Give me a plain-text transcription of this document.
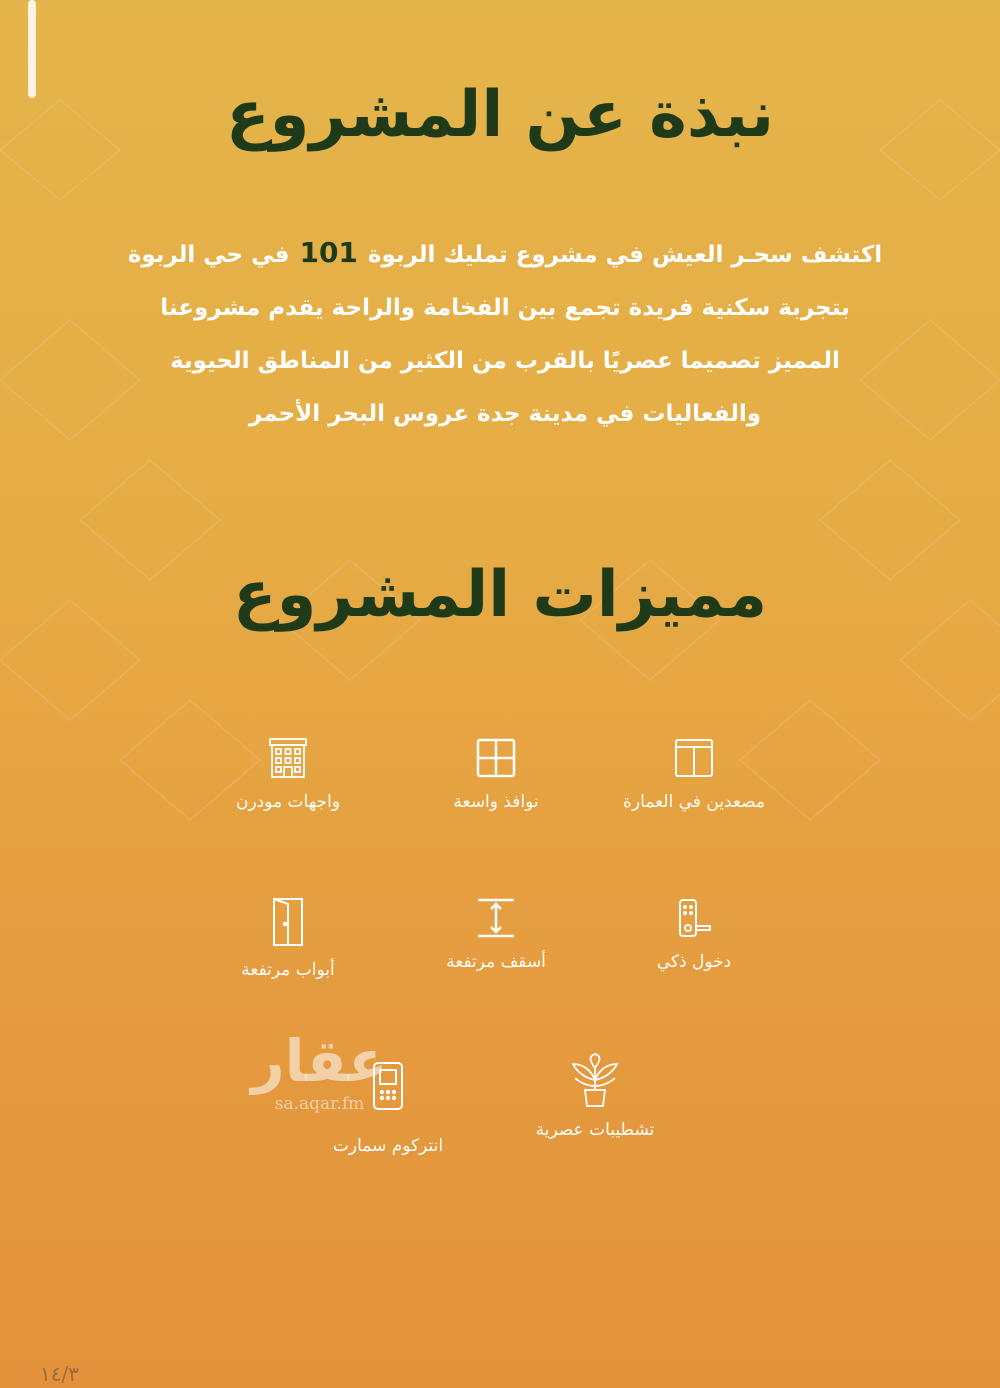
نبذة عن المشروع
اكتشف سحـر العيش في مشروع تمليك الربوة101في حي الربوة
بتجربة سكنية فريدة تجمع بين الفخامة والراحة يقدم مشروعنا
المميز تصميما عصريًا بالقرب من الكثير من المناطق الحيوية
والفعاليات في مدينة جدة عروس البحر الأحمر
مميزات المشروع
مصعدين في العمارة
نوافذ واسعة
واجهات مودرن
دخول ذكي
أسقف مرتفعة
أبواب مرتفعة
تشطيبات عصرية
انتركوم سمارت
عقار
sa.aqar.fm
١٤/٣
